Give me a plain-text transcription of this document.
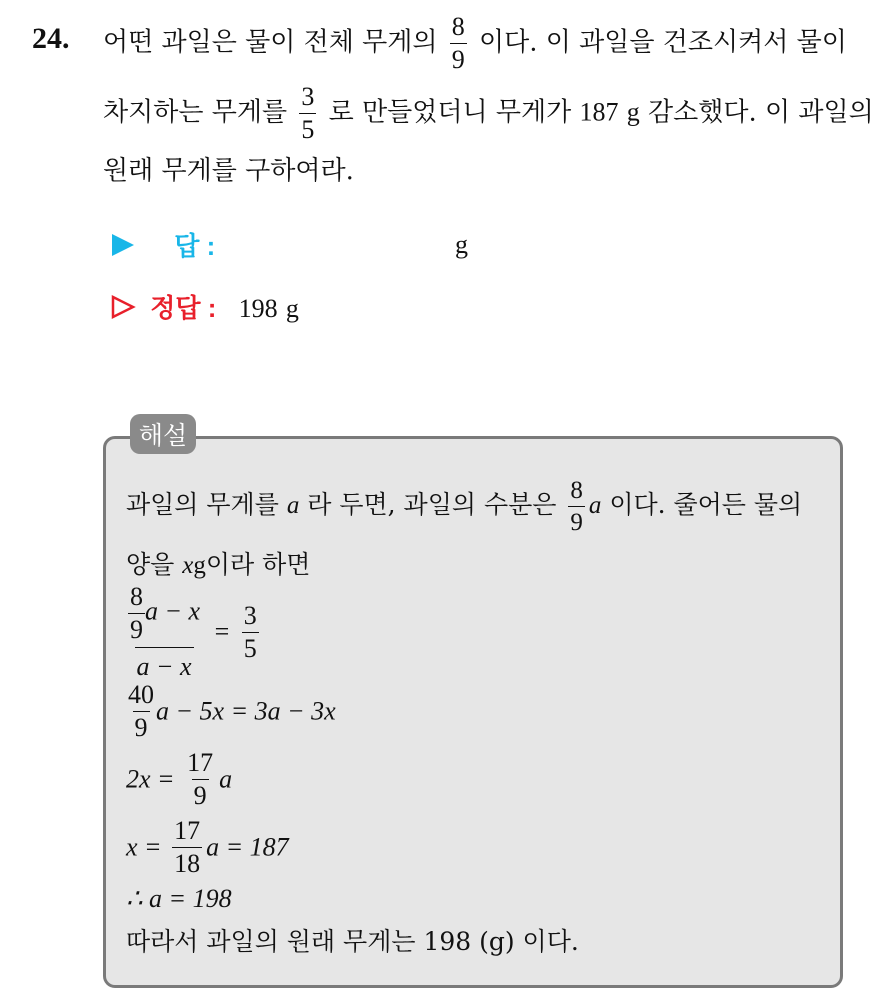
24. 어떤 과일은 물이 전체 무게의 $\frac{8}{9}$ 이다. 이 과일을 건조시켜서 물이
차지하는 무게를 $\frac{3}{5}$ 로 만들었더니 무게가 187 g 감소했다. 이 과일의
원래 무게를 구하여라.
답 :	g
정답 : 198 g
해설
과일의 무게를 a 라 두면, 과일의 수분은 $\frac{8}{9}$ a 이다. 줄어든 물의
양을 xg이라 하면
$\frac{\frac{8}{9} a - x}{a - x} = \frac{3}{5}$
$\frac{40}{9}$ a − 5x = 3a − 3x
$2x = \frac{17}{9}$ a
$x = \frac{17}{18}$ a = 187
∴ a = 198
따라서 과일의 원래 무게는 198 (g) 이다.
